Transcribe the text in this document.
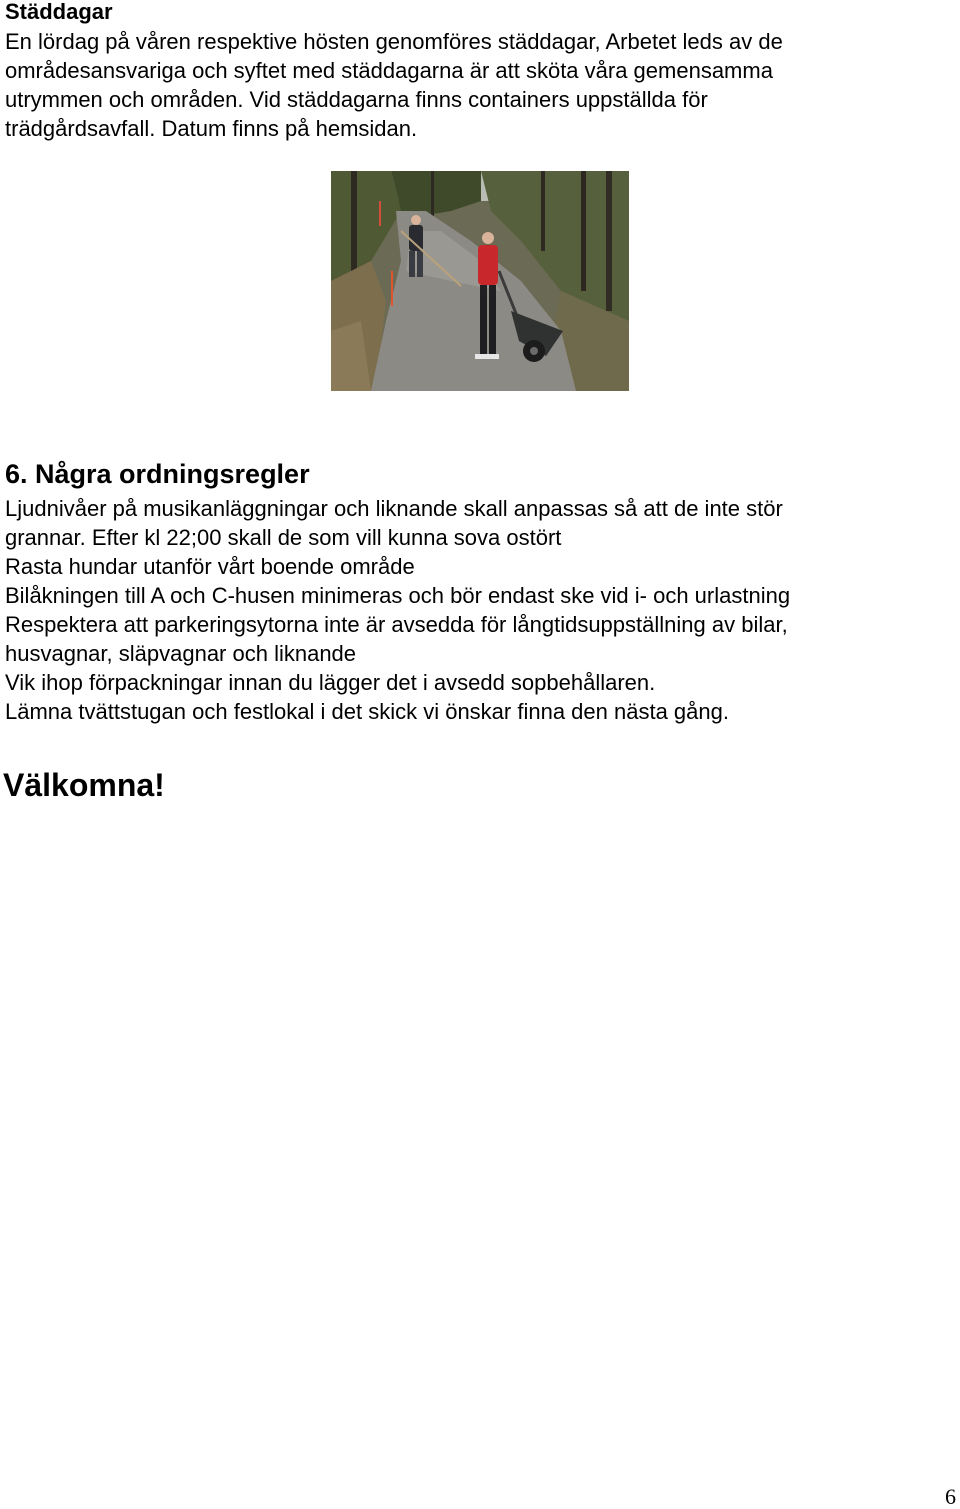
Städdagar

En lördag på våren respektive hösten genomföres städdagar, Arbetet leds av de
områdesansvariga och syftet med städdagarna är att sköta våra gemensamma
utrymmen och områden. Vid städdagarna finns containers uppställda för
trädgårdsavfall. Datum finns på hemsidan.

6. Några ordningsregler

Ljudnivåer på musikanläggningar och liknande skall anpassas så att de inte stör
grannar. Efter kl 22;00 skall de som vill kunna sova ostört
Rasta hundar utanför vårt boende område
Bilåkningen till A och C-husen minimeras och bör endast ske vid i- och urlastning
Respektera att parkeringsytorna inte är avsedda för långtidsuppställning av bilar,
husvagnar, släpvagnar och liknande
Vik ihop förpackningar innan du lägger det i avsedd sopbehållaren.
Lämna tvättstugan och festlokal i det skick vi önskar finna den nästa gång.

Välkomna!
6
